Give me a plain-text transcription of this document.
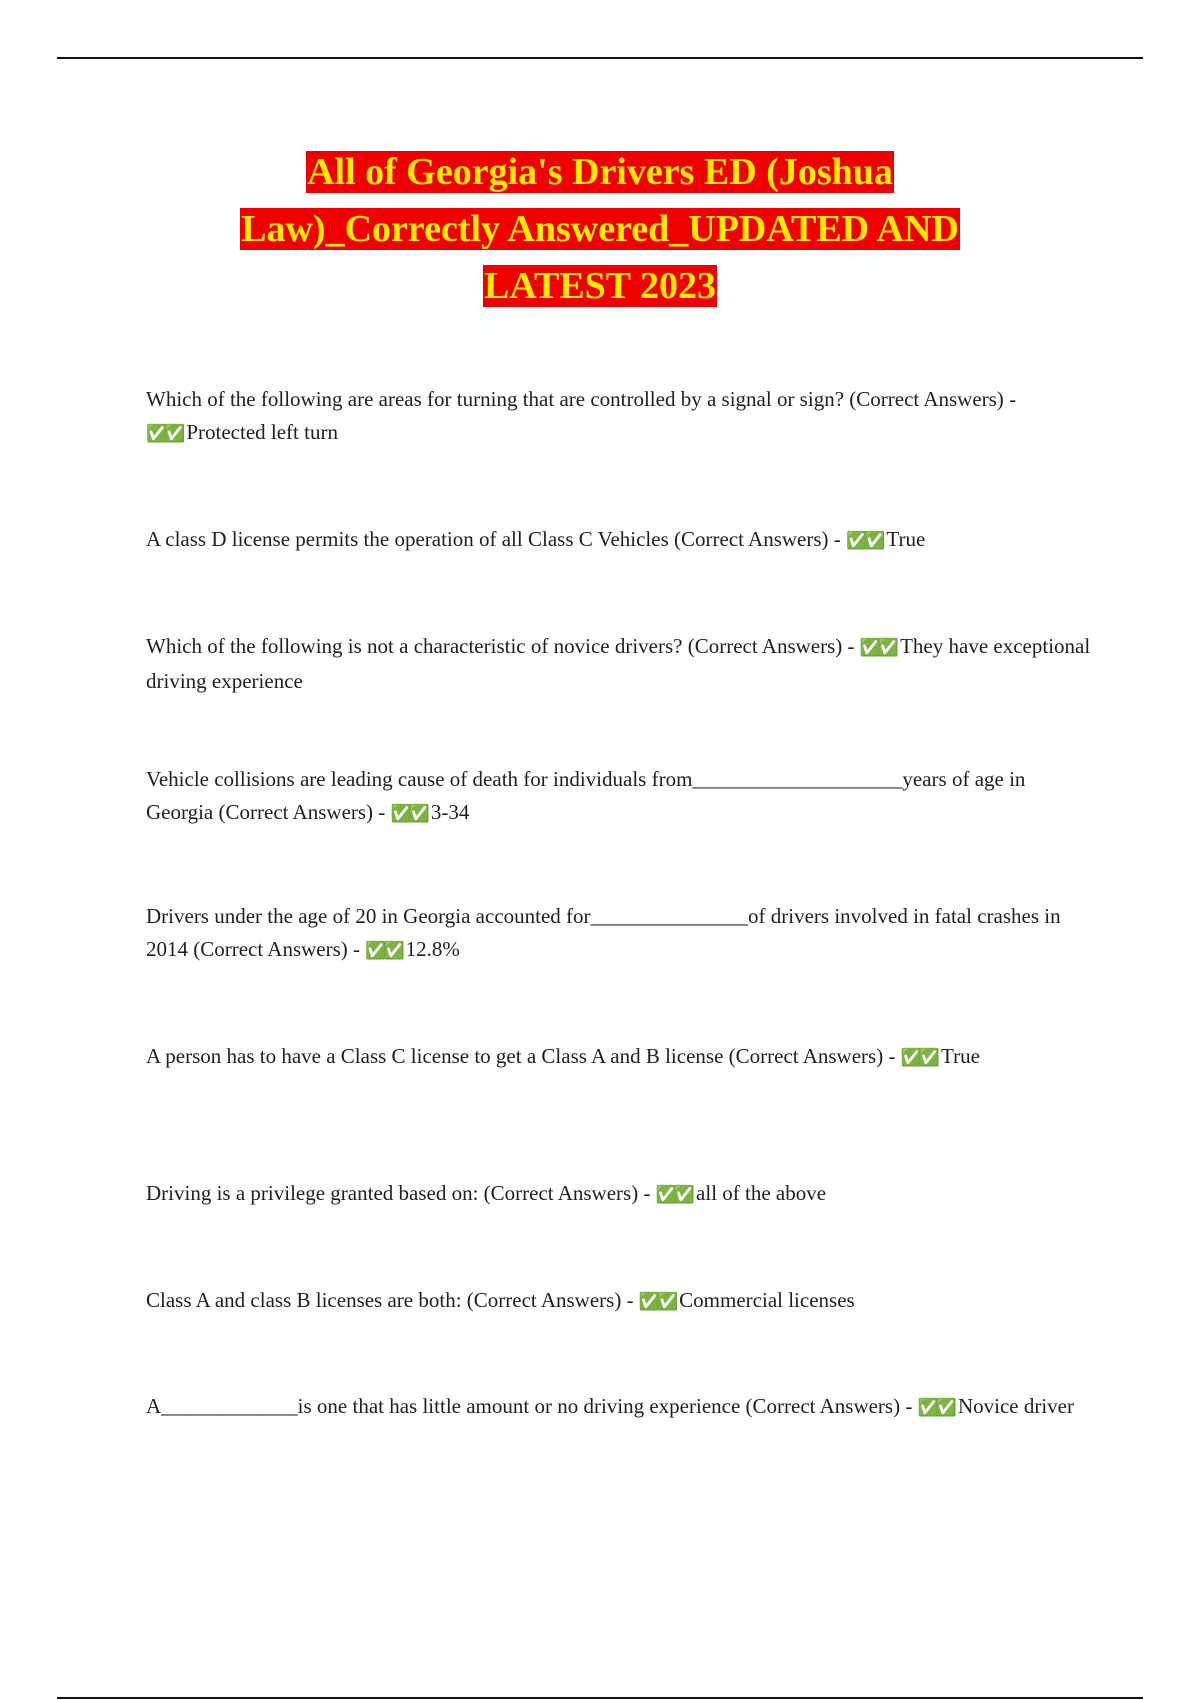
All of Georgia's Drivers ED (Joshua
Law)_Correctly Answered_UPDATED AND
LATEST 2023
Which of the following are areas for turning that are controlled by a signal or sign? (Correct Answers) - ✅✅ Protected left turn
A class D license permits the operation of all Class C Vehicles (Correct Answers) - ✅✅ True
Which of the following is not a characteristic of novice drivers? (Correct Answers) - ✅✅ They have exceptional driving experience
Vehicle collisions are leading cause of death for individuals from____________________years of age in Georgia (Correct Answers) - ✅✅ 3-34
Drivers under the age of 20 in Georgia accounted for_______________of drivers involved in fatal crashes in 2014 (Correct Answers) - ✅✅ 12.8%
A person has to have a Class C license to get a Class A and B license (Correct Answers) - ✅✅ True
Driving is a privilege granted based on: (Correct Answers) - ✅✅ all of the above
Class A and class B licenses are both: (Correct Answers) - ✅✅ Commercial licenses
A_____________is one that has little amount or no driving experience (Correct Answers) - ✅✅ Novice driver
